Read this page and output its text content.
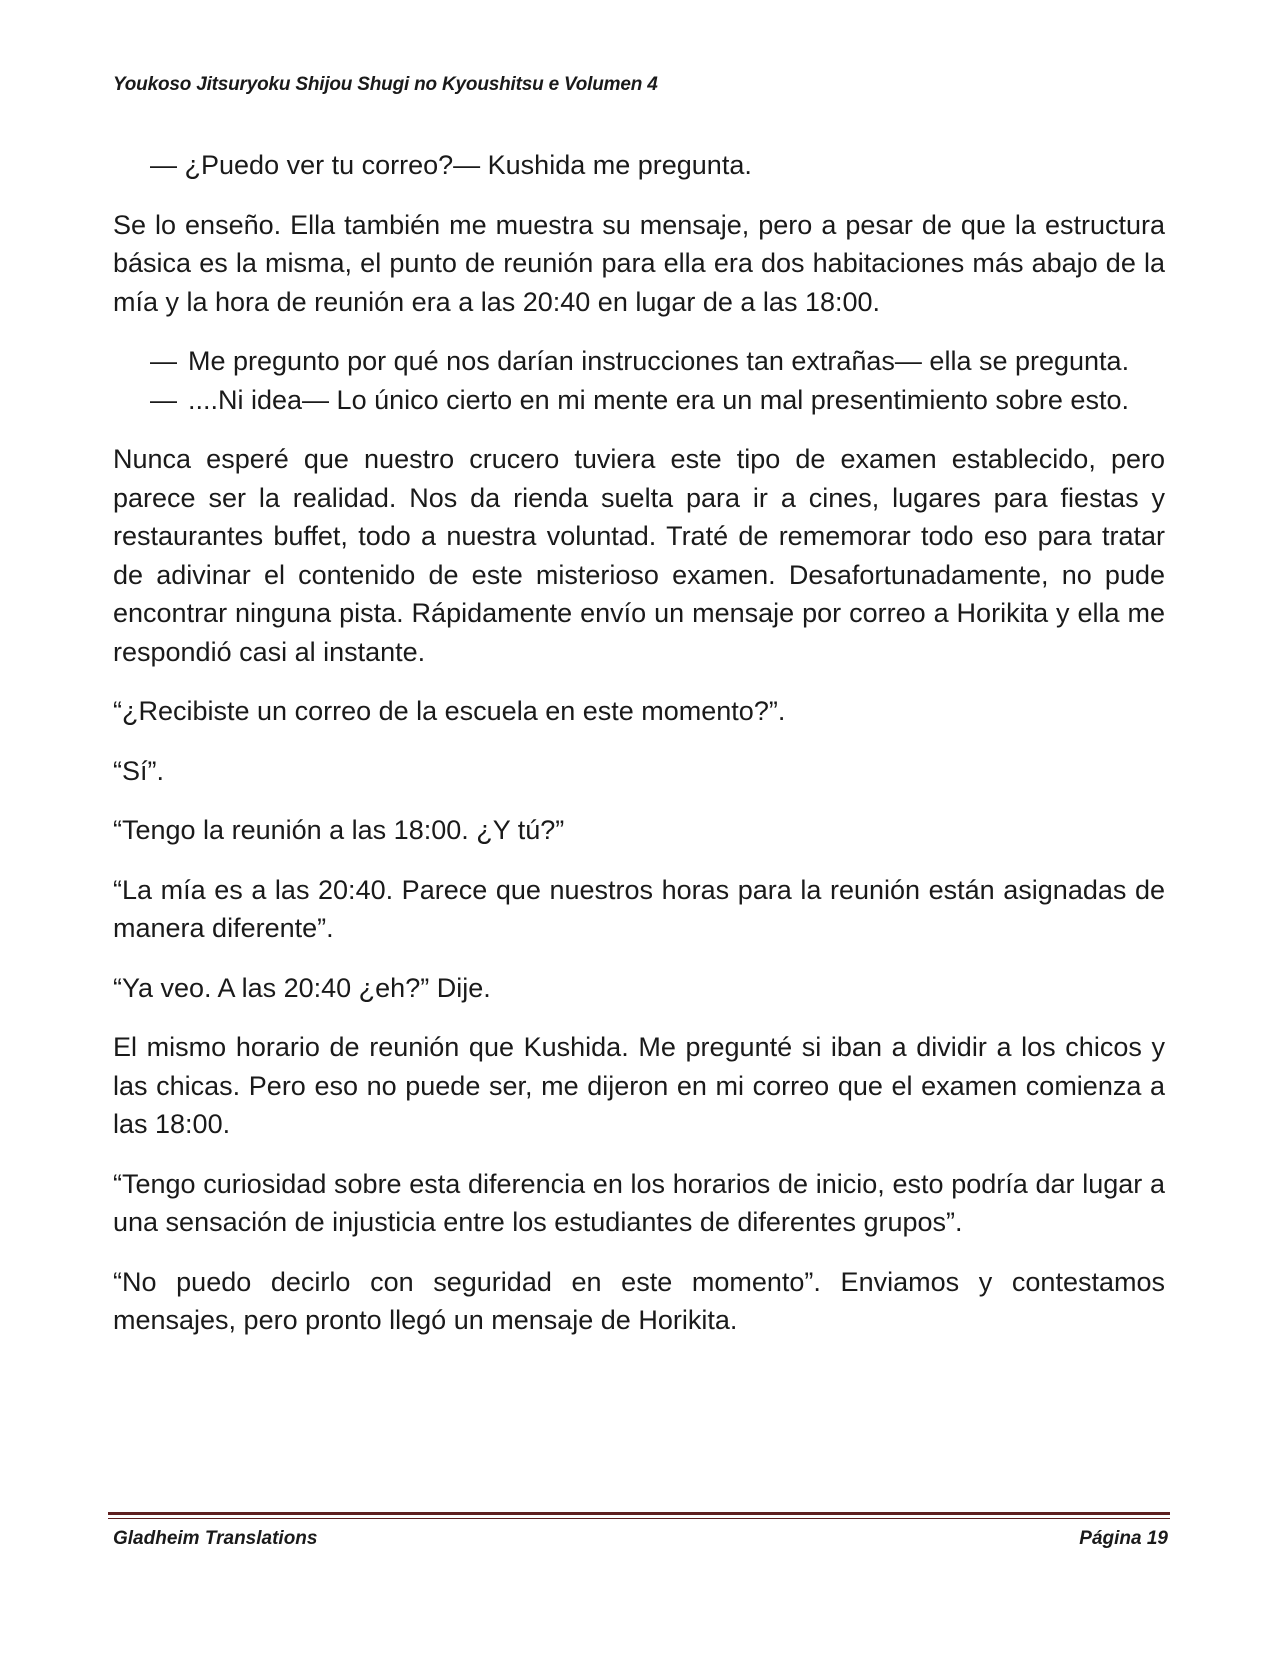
Youkoso Jitsuryoku Shijou Shugi no Kyoushitsu e Volumen 4

— ¿Puedo ver tu correo?— Kushida me pregunta.

Se lo enseño. Ella también me muestra su mensaje, pero a pesar de que la estructura básica es la misma, el punto de reunión para ella era dos habitaciones más abajo de la mía y la hora de reunión era a las 20:40 en lugar de a las 18:00.

— Me pregunto por qué nos darían instrucciones tan extrañas— ella se pregunta.
— ....Ni idea— Lo único cierto en mi mente era un mal presentimiento sobre esto.

Nunca esperé que nuestro crucero tuviera este tipo de examen establecido, pero parece ser la realidad. Nos da rienda suelta para ir a cines, lugares para fiestas y restaurantes buffet, todo a nuestra voluntad. Traté de rememorar todo eso para tratar de adivinar el contenido de este misterioso examen. Desafortunadamente, no pude encontrar ninguna pista. Rápidamente envío un mensaje por correo a Horikita y ella me respondió casi al instante.

“¿Recibiste un correo de la escuela en este momento?”.

“Sí”.

“Tengo la reunión a las 18:00. ¿Y tú?”

“La mía es a las 20:40. Parece que nuestros horas para la reunión están asignadas de manera diferente”.

“Ya veo. A las 20:40 ¿eh?” Dije.

El mismo horario de reunión que Kushida. Me pregunté si iban a dividir a los chicos y las chicas. Pero eso no puede ser, me dijeron en mi correo que el examen comienza a las 18:00.

“Tengo curiosidad sobre esta diferencia en los horarios de inicio, esto podría dar lugar a una sensación de injusticia entre los estudiantes de diferentes grupos”.

“No puedo decirlo con seguridad en este momento”. Enviamos y contestamos mensajes, pero pronto llegó un mensaje de Horikita.

Gladheim Translations	Página 19
